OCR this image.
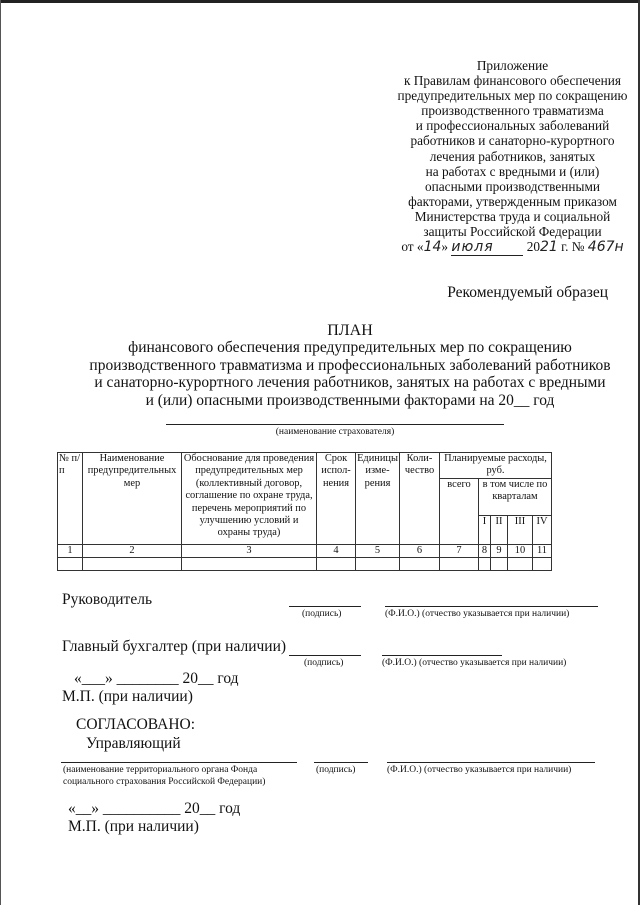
Приложение
к Правилам финансового обеспечения
предупредительных мер по сокращению
производственного травматизма
и профессиональных заболеваний
работников и санаторно-курортного
лечения работников, занятых
на работах с вредными и (или)
опасными производственными
факторами, утвержденным приказом
Министерства труда и социальной
защиты Российской Федерации
от «14» июля 2021 г. № 467н
Рекомендуемый образец
ПЛАН
финансового обеспечения предупредительных мер по сокращению
производственного травматизма и профессиональных заболеваний работников
и санаторно-курортного лечения работников, занятых на работах с вредными
и (или) опасными производственными факторами на 20__ год
(наименование страхователя)
№ п/п	Наименование предупредительных мер	Обоснование для проведения предупредительных мер (коллективный договор, соглашение по охране труда, перечень мероприятий по улучшению условий и охраны труда)	Срок испол-нения	Единицы изме-рения	Коли-чество	Планируемые расходы, руб.				
						всего	в том числе по кварталам			
							I	II	III	IV
1	2	3	4	5	6	7	8	9	10	11

Руководитель
(подпись)	(Ф.И.О.) (отчество указывается при наличии)
Главный бухгалтер (при наличии)
(подпись)	(Ф.И.О.) (отчество указывается при наличии)
«___» ________ 20__ год
М.П. (при наличии)
СОГЛАСОВАНО:
Управляющий
(наименование территориального органа Фонда
социального страхования Российской Федерации)
(подпись)	(Ф.И.О.) (отчество указывается при наличии)
«__» __________ 20__ год
М.П. (при наличии)
